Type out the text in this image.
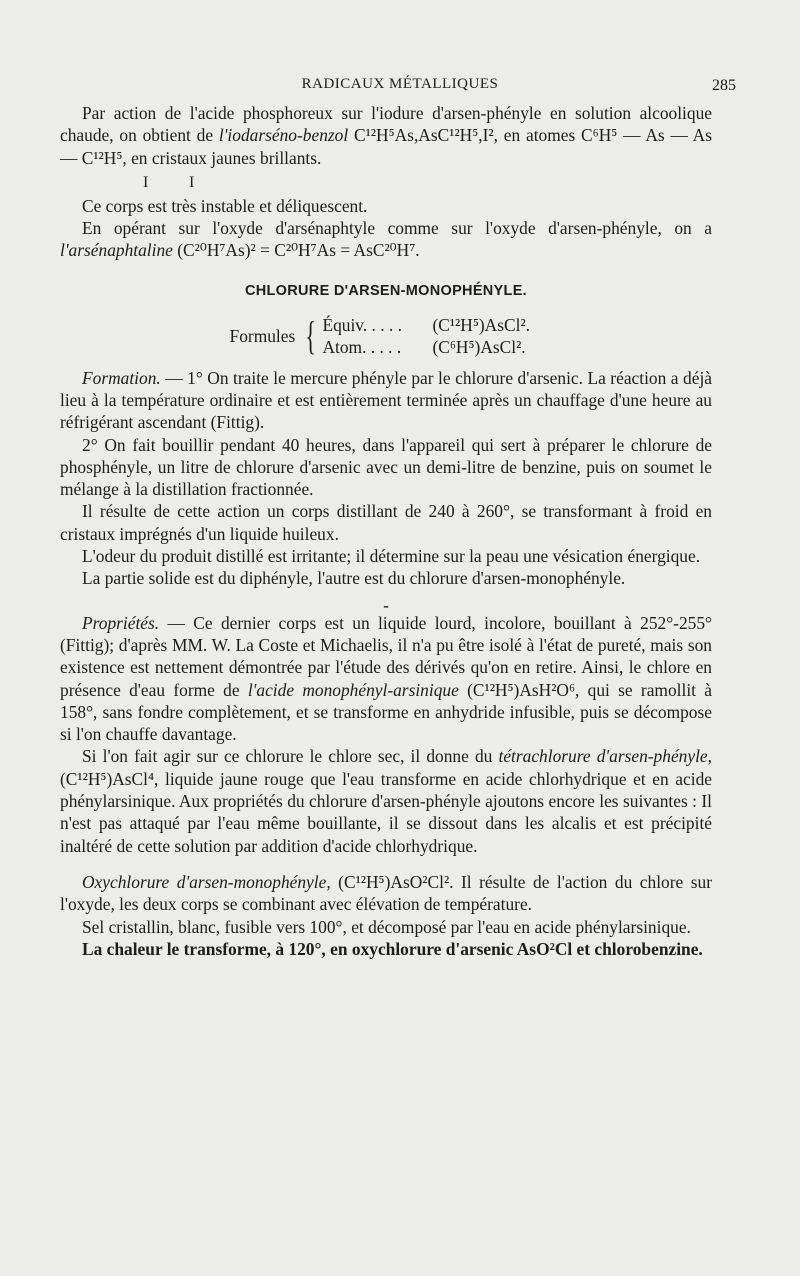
RADICAUX MÉTALLIQUES	285

Par action de l'acide phosphoreux sur l'iodure d'arsen-phényle en solution alcoolique chaude, on obtient de l'iodarséno-benzol C¹²H⁵As,AsC¹²H⁵,I², en atomes C⁶H⁵ — As — As — C¹²H⁵, en cristaux jaunes brillants.

I	I

Ce corps est très instable et déliquescent.

En opérant sur l'oxyde d'arsénaphtyle comme sur l'oxyde d'arsen-phényle, on a l'arsénaphtaline (C²⁰H⁷As)² = C²⁰H⁷As = AsC²⁰H⁷.

CHLORURE D'ARSEN-MONOPHÉNYLE.
Formules { Équiv. . . . .	(C¹²H⁵)AsCl².
Atom. . . . .	(C⁶H⁵)AsCl².

Formation. — 1° On traite le mercure phényle par le chlorure d'arsenic. La réaction a déjà lieu à la température ordinaire et est entièrement terminée après un chauffage d'une heure au réfrigérant ascendant (Fittig).

2° On fait bouillir pendant 40 heures, dans l'appareil qui sert à préparer le chlorure de phosphényle, un litre de chlorure d'arsenic avec un demi-litre de benzine, puis on soumet le mélange à la distillation fractionnée.

Il résulte de cette action un corps distillant de 240 à 260°, se transformant à froid en cristaux imprégnés d'un liquide huileux.

L'odeur du produit distillé est irritante; il détermine sur la peau une vésication énergique.

La partie solide est du diphényle, l'autre est du chlorure d'arsen-monophényle.

-

Propriétés. — Ce dernier corps est un liquide lourd, incolore, bouillant à 252°-255° (Fittig); d'après MM. W. La Coste et Michaelis, il n'a pu être isolé à l'état de pureté, mais son existence est nettement démontrée par l'étude des dérivés qu'on en retire. Ainsi, le chlore en présence d'eau forme de l'acide monophényl-arsinique (C¹²H⁵)AsH²O⁶, qui se ramollit à 158°, sans fondre complètement, et se transforme en anhydride infusible, puis se décompose si l'on chauffe davantage.

Si l'on fait agir sur ce chlorure le chlore sec, il donne du tétrachlorure d'arsen-phényle, (C¹²H⁵)AsCl⁴, liquide jaune rouge que l'eau transforme en acide chlorhydrique et en acide phénylarsinique. Aux propriétés du chlorure d'arsen-phényle ajoutons encore les suivantes : Il n'est pas attaqué par l'eau même bouillante, il se dissout dans les alcalis et est précipité inaltéré de cette solution par addition d'acide chlorhydrique.

Oxychlorure d'arsen-monophényle, (C¹²H⁵)AsO²Cl². Il résulte de l'action du chlore sur l'oxyde, les deux corps se combinant avec élévation de température.

Sel cristallin, blanc, fusible vers 100°, et décomposé par l'eau en acide phénylarsinique.

La chaleur le transforme, à 120°, en oxychlorure d'arsenic AsO²Cl et chlorobenzine.
